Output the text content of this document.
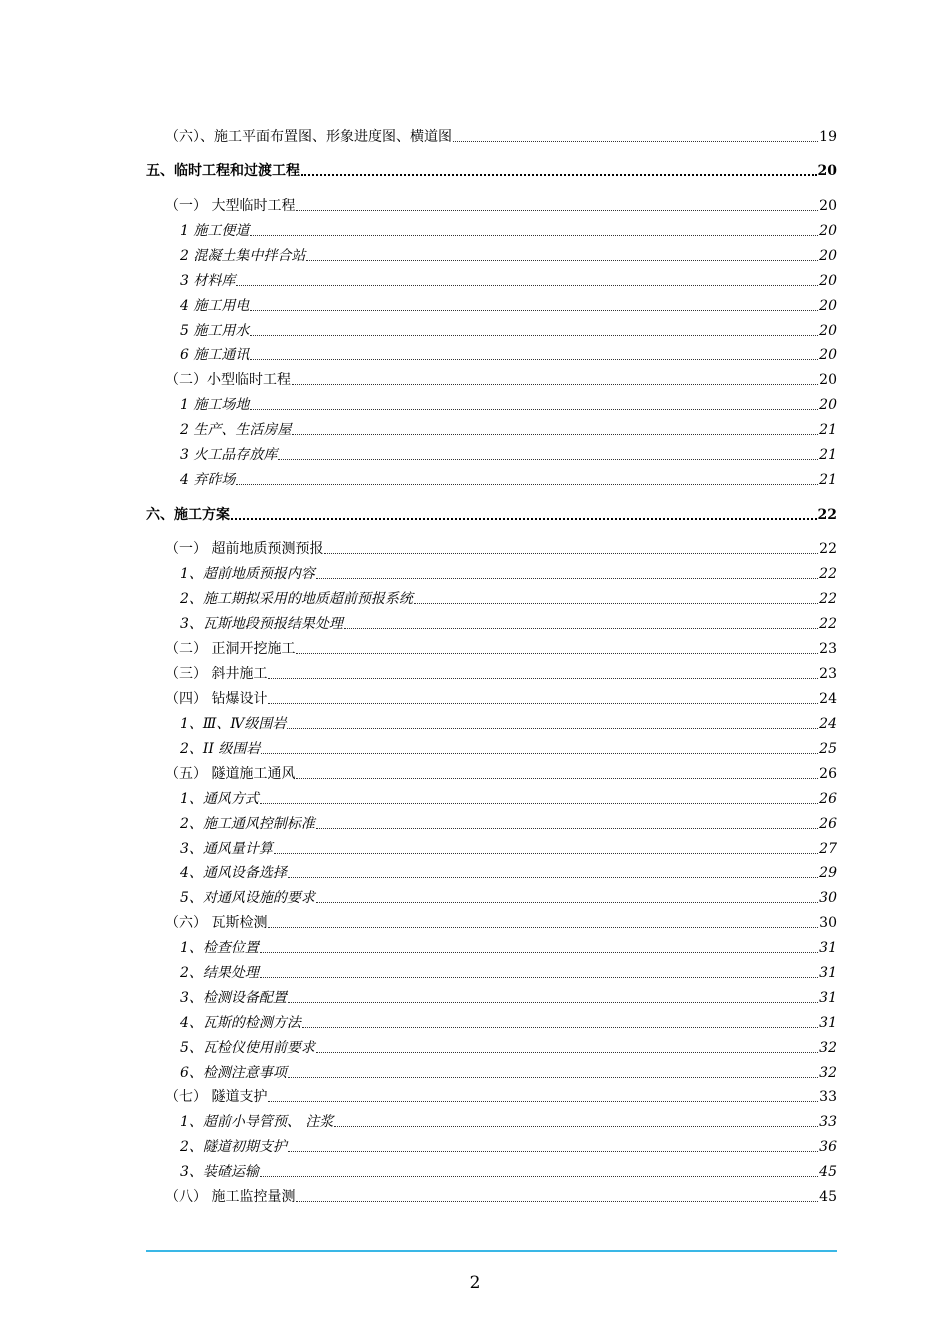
（六）、施工平面布置图、形象进度图、横道图	19
五、临时工程和过渡工程	20
（一） 大型临时工程	20
1 施工便道	20
2 混凝土集中拌合站	20
3 材料库	20
4 施工用电	20
5 施工用水	20
6 施工通讯	20
（二）小型临时工程	20
1 施工场地	20
2 生产、生活房屋	21
3 火工品存放库	21
4 弃砟场	21
六、施工方案	22
（一） 超前地质预测预报	22
1、超前地质预报内容	22
2、施工期拟采用的地质超前预报系统	22
3、瓦斯地段预报结果处理	22
（二） 正洞开挖施工	23
（三） 斜井施工	23
（四） 钻爆设计	24
1、Ⅲ、Ⅳ级围岩	24
2、II 级围岩	25
（五） 隧道施工通风	26
1、通风方式	26
2、施工通风控制标准	26
3、通风量计算	27
4、通风设备选择	29
5、对通风设施的要求	30
（六） 瓦斯检测	30
1、检查位置	31
2、结果处理	31
3、检测设备配置	31
4、瓦斯的检测方法	31
5、瓦检仪使用前要求	32
6、检测注意事项	32
（七） 隧道支护	33
1、超前小导管预、 注浆	33
2、隧道初期支护	36
3、装碴运输	45
（八） 施工监控量测	45
2
